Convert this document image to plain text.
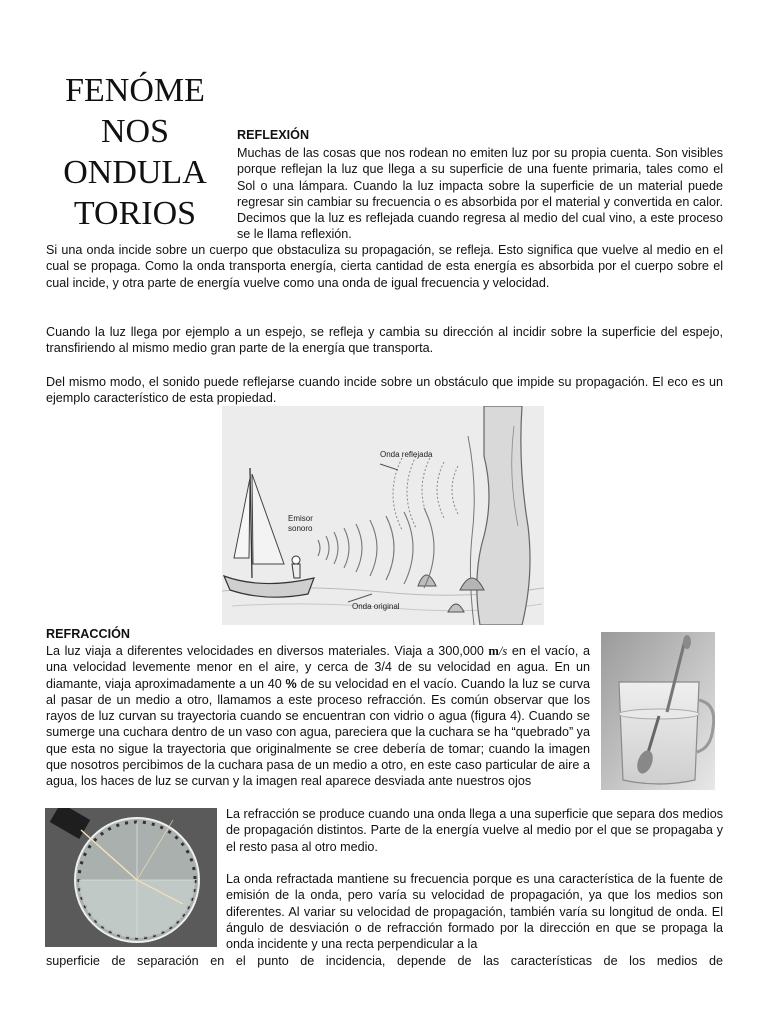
FENÓME
NOS
ONDULA
TORIOS
REFLEXIÓN

Muchas de las cosas que nos rodean no emiten luz por su propia cuenta. Son visibles porque reflejan la luz que llega a su superficie de una fuente primaria, tales como el Sol o una lámpara. Cuando la luz impacta sobre la superficie de un material puede regresar sin cambiar su frecuencia o es absorbida por el material y convertida en calor. Decimos que la luz es reflejada cuando regresa al medio del cual vino, a este proceso se le llama reflexión.

Si una onda incide sobre un cuerpo que obstaculiza su propagación, se refleja. Esto significa que vuelve al medio en el cual se propaga. Como la onda transporta energía, cierta cantidad de esta energía es absorbida por el cuerpo sobre el cual incide, y otra parte de energía vuelve como una onda de igual frecuencia y velocidad.

Cuando la luz llega por ejemplo a un espejo, se refleja y cambia su dirección al incidir sobre la superficie del espejo, transfiriendo al mismo medio gran parte de la energía que transporta.

Del mismo modo, el sonido puede reflejarse cuando incide sobre un obstáculo que impide su propagación. El eco es un ejemplo característico de esta propiedad.

Onda reflejada
Emisor
sonoro
Onda original
REFRACCIÓN

La luz viaja a diferentes velocidades en diversos materiales. Viaja a 300,000 m/s en el vacío, a una velocidad levemente menor en el aire, y cerca de 3/4 de su velocidad en agua. En un diamante, viaja aproximadamente a un 40 % de su velocidad en el vacío. Cuando la luz se curva al pasar de un medio a otro, llamamos a este proceso refracción. Es común observar que los rayos de luz curvan su trayectoria cuando se encuentran con vidrio o agua (figura 4). Cuando se sumerge una cuchara dentro de un vaso con agua, pareciera que la cuchara se ha “quebrado” ya que esta no sigue la trayectoria que originalmente se cree debería de tomar; cuando la imagen que nosotros percibimos de la cuchara pasa de un medio a otro, en este caso particular de aire a agua, los haces de luz se curvan y la imagen real aparece desviada ante nuestros ojos

La refracción se produce cuando una onda llega a una superficie que separa dos medios de propagación distintos. Parte de la energía vuelve al medio por el que se propagaba y el resto pasa al otro medio.

La onda refractada mantiene su frecuencia porque es una característica de la fuente de emisión de la onda, pero varía su velocidad de propagación, ya que los medios son diferentes. Al variar su velocidad de propagación, también varía su longitud de onda. El ángulo de desviación o de refracción formado por la dirección en que se propaga la onda incidente y una recta perpendicular a la

superficie de separación en el punto de incidencia, depende de las características de los medios de
